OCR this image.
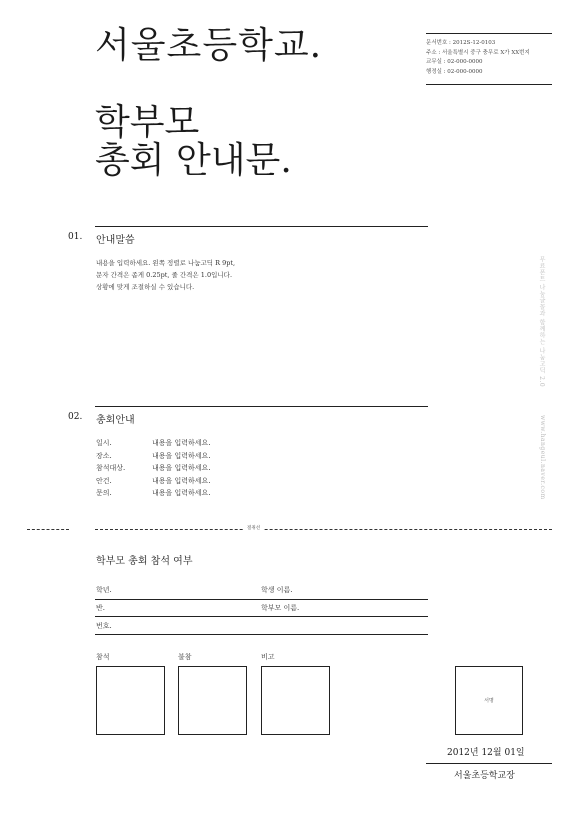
서울초등학교.
학부모
총회 안내문.
문서번호 : 2012S-12-0103
주소 : 서울특별시 중구 충무로 X가 XX번지
교무실 : 02-000-0000
행정실 : 02-000-0000
무료폰트 나눔글꼴과 함께하는 나눔고딕 2.0
www.hangeul.naver.com
01. 안내말씀
내용을 입력하세요. 왼쪽 정렬로 나눔고딕 R 9pt,
문자 간격은 좁게 0.25pt, 줄 간격은 1.0입니다.
상황에 맞게 조절하실 수 있습니다.
02. 총회안내
일시.	내용을 입력하세요.
장소.	내용을 입력하세요.
참석대상.	내용을 입력하세요.
안건.	내용을 입력하세요.
문의.	내용을 입력하세요.
절취선
학부모 총회 참석 여부
학년.	학생 이름.
반.	학부모 이름.
번호.
참석	불참	비고
서명
2012년 12월 01일
서울초등학교장
